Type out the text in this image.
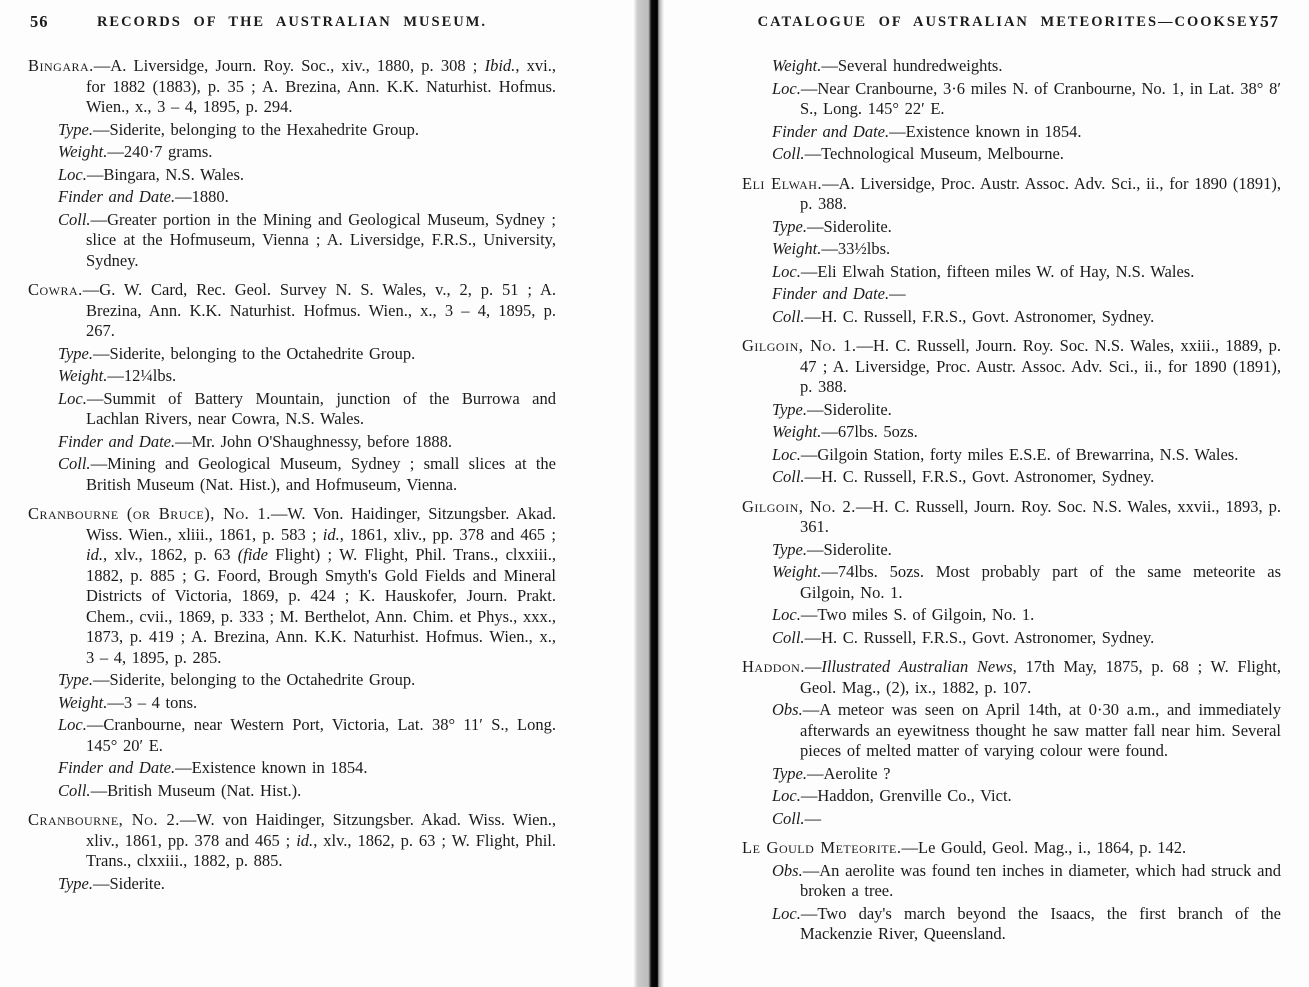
56	RECORDS OF THE AUSTRALIAN MUSEUM.

Bingara.—A. Liversidge, Journ. Roy. Soc., xiv., 1880, p. 308 ; Ibid., xvi., for 1882 (1883), p. 35 ; A. Brezina, Ann. K.K. Naturhist. Hofmus. Wien., x., 3 – 4, 1895, p. 294.

Type.—Siderite, belonging to the Hexahedrite Group.

Weight.—240·7 grams.

Loc.—Bingara, N.S. Wales.

Finder and Date.—1880.

Coll.—Greater portion in the Mining and Geological Museum, Sydney ; slice at the Hofmuseum, Vienna ; A. Liversidge, F.R.S., University, Sydney.

Cowra.—G. W. Card, Rec. Geol. Survey N. S. Wales, v., 2, p. 51 ; A. Brezina, Ann. K.K. Naturhist. Hofmus. Wien., x., 3 – 4, 1895, p. 267.

Type.—Siderite, belonging to the Octahedrite Group.

Weight.—12¼lbs.

Loc.—Summit of Battery Mountain, junction of the Burrowa and Lachlan Rivers, near Cowra, N.S. Wales.

Finder and Date.—Mr. John O'Shaughnessy, before 1888.

Coll.—Mining and Geological Museum, Sydney ; small slices at the British Museum (Nat. Hist.), and Hofmuseum, Vienna.

Cranbourne (or Bruce), No. 1.—W. Von. Haidinger, Sitzungsber. Akad. Wiss. Wien., xliii., 1861, p. 583 ; id., 1861, xliv., pp. 378 and 465 ; id., xlv., 1862, p. 63 (fide Flight) ; W. Flight, Phil. Trans., clxxiii., 1882, p. 885 ; G. Foord, Brough Smyth's Gold Fields and Mineral Districts of Victoria, 1869, p. 424 ; K. Hauskofer, Journ. Prakt. Chem., cvii., 1869, p. 333 ; M. Berthelot, Ann. Chim. et Phys., xxx., 1873, p. 419 ; A. Brezina, Ann. K.K. Naturhist. Hofmus. Wien., x., 3 – 4, 1895, p. 285.

Type.—Siderite, belonging to the Octahedrite Group.

Weight.—3 – 4 tons.

Loc.—Cranbourne, near Western Port, Victoria, Lat. 38° 11′ S., Long. 145° 20′ E.

Finder and Date.—Existence known in 1854.

Coll.—British Museum (Nat. Hist.).

Cranbourne, No. 2.—W. von Haidinger, Sitzungsber. Akad. Wiss. Wien., xliv., 1861, pp. 378 and 465 ; id., xlv., 1862, p. 63 ; W. Flight, Phil. Trans., clxxiii., 1882, p. 885.

Type.—Siderite.

57
CATALOGUE OF AUSTRALIAN METEORITES—COOKSEY.

Weight.—Several hundredweights.

Loc.—Near Cranbourne, 3·6 miles N. of Cranbourne, No. 1, in Lat. 38° 8′ S., Long. 145° 22′ E.

Finder and Date.—Existence known in 1854.

Coll.—Technological Museum, Melbourne.

Eli Elwah.—A. Liversidge, Proc. Austr. Assoc. Adv. Sci., ii., for 1890 (1891), p. 388.

Type.—Siderolite.

Weight.—33½lbs.

Loc.—Eli Elwah Station, fifteen miles W. of Hay, N.S. Wales.

Finder and Date.—

Coll.—H. C. Russell, F.R.S., Govt. Astronomer, Sydney.

Gilgoin, No. 1.—H. C. Russell, Journ. Roy. Soc. N.S. Wales, xxiii., 1889, p. 47 ; A. Liversidge, Proc. Austr. Assoc. Adv. Sci., ii., for 1890 (1891), p. 388.

Type.—Siderolite.

Weight.—67lbs. 5ozs.

Loc.—Gilgoin Station, forty miles E.S.E. of Brewarrina, N.S. Wales.

Coll.—H. C. Russell, F.R.S., Govt. Astronomer, Sydney.

Gilgoin, No. 2.—H. C. Russell, Journ. Roy. Soc. N.S. Wales, xxvii., 1893, p. 361.

Type.—Siderolite.

Weight.—74lbs. 5ozs. Most probably part of the same meteorite as Gilgoin, No. 1.

Loc.—Two miles S. of Gilgoin, No. 1.

Coll.—H. C. Russell, F.R.S., Govt. Astronomer, Sydney.

Haddon.—Illustrated Australian News, 17th May, 1875, p. 68 ; W. Flight, Geol. Mag., (2), ix., 1882, p. 107.

Obs.—A meteor was seen on April 14th, at 0·30 a.m., and immediately afterwards an eyewitness thought he saw matter fall near him. Several pieces of melted matter of varying colour were found.

Type.—Aerolite ?

Loc.—Haddon, Grenville Co., Vict.

Coll.—

Le Gould Meteorite.—Le Gould, Geol. Mag., i., 1864, p. 142.

Obs.—An aerolite was found ten inches in diameter, which had struck and broken a tree.

Loc.—Two day's march beyond the Isaacs, the first branch of the Mackenzie River, Queensland.
